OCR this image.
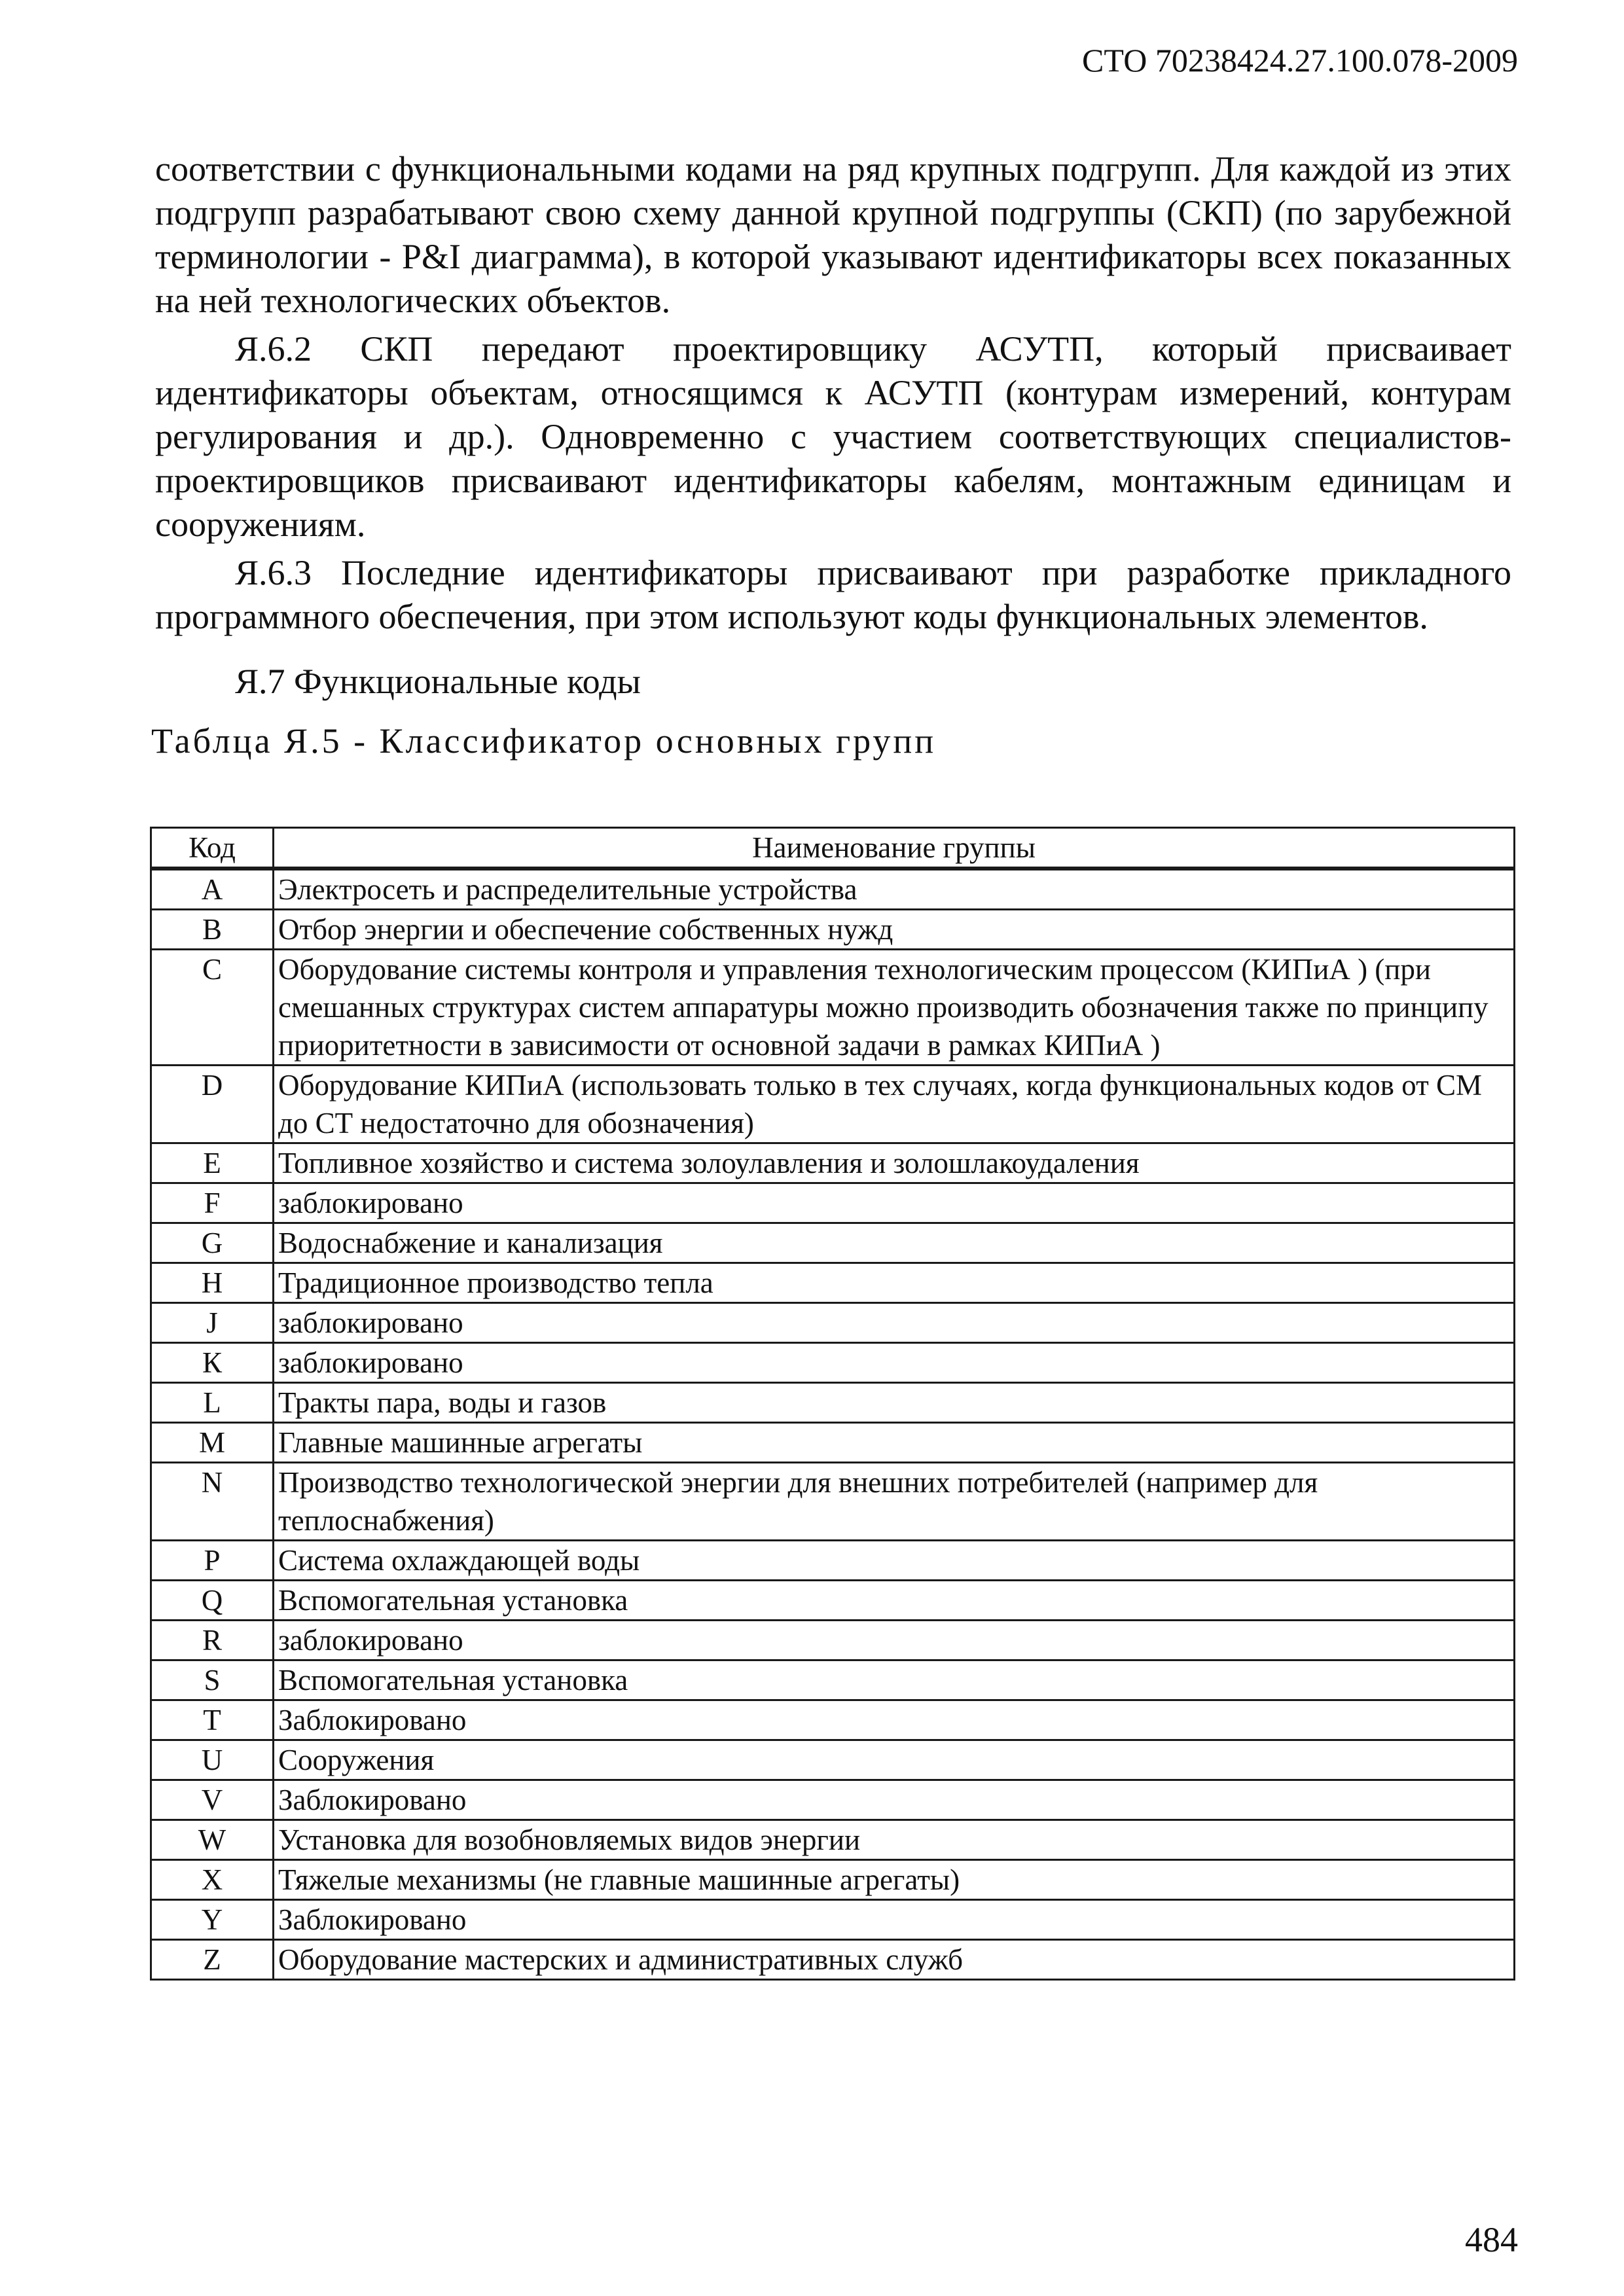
СТО 70238424.27.100.078-2009

соответствии с функциональными кодами на ряд крупных подгрупп. Для каждой из этих подгрупп разрабатывают свою схему данной крупной подгруппы (СКП) (по зарубежной терминологии - P&I диаграмма), в которой указывают идентификаторы всех показанных на ней технологических объектов.

Я.6.2 СКП передают проектировщику АСУТП, который присваивает идентификаторы объектам, относящимся к АСУТП (контурам измерений, контурам регулирования и др.). Одновременно с участием соответствующих специалистов-проектировщиков присваивают идентификаторы кабелям, монтажным единицам и сооружениям.

Я.6.3 Последние идентификаторы присваивают при разработке прикладного программного обеспечения, при этом используют коды функциональных элементов.

Я.7 Функциональные коды

Таблца Я.5 - Классификатор основных групп

Код	Наименование группы
A	Электросеть и распределительные устройства
B	Отбор энергии и обеспечение собственных нужд
C	Оборудование системы контроля и управления технологическим процессом (КИПиА ) (при смешанных структурах систем аппаратуры можно производить обозначения также по принципу приоритетности в зависимости от основной задачи в рамках КИПиА )
D	Оборудование КИПиА (использовать только в тех случаях, когда функциональных кодов от СМ до СТ недостаточно для обозначения)
E	Топливное хозяйство и система золоулавления и золошлакоудаления
F	заблокировано
G	Водоснабжение и канализация
H	Традиционное производство тепла
J	заблокировано
К	заблокировано
L	Тракты пара, воды и газов
M	Главные машинные агрегаты
N	Производство технологической энергии для внешних потребителей (например для теплоснабжения)
P	Система охлаждающей воды
Q	Вспомогательная установка
R	заблокировано
S	Вспомогательная установка
T	Заблокировано
U	Сооружения
V	Заблокировано
W	Установка для возобновляемых видов энергии
X	Тяжелые механизмы (не главные машинные агрегаты)
Y	Заблокировано
Z	Оборудование мастерских и административных служб
484
